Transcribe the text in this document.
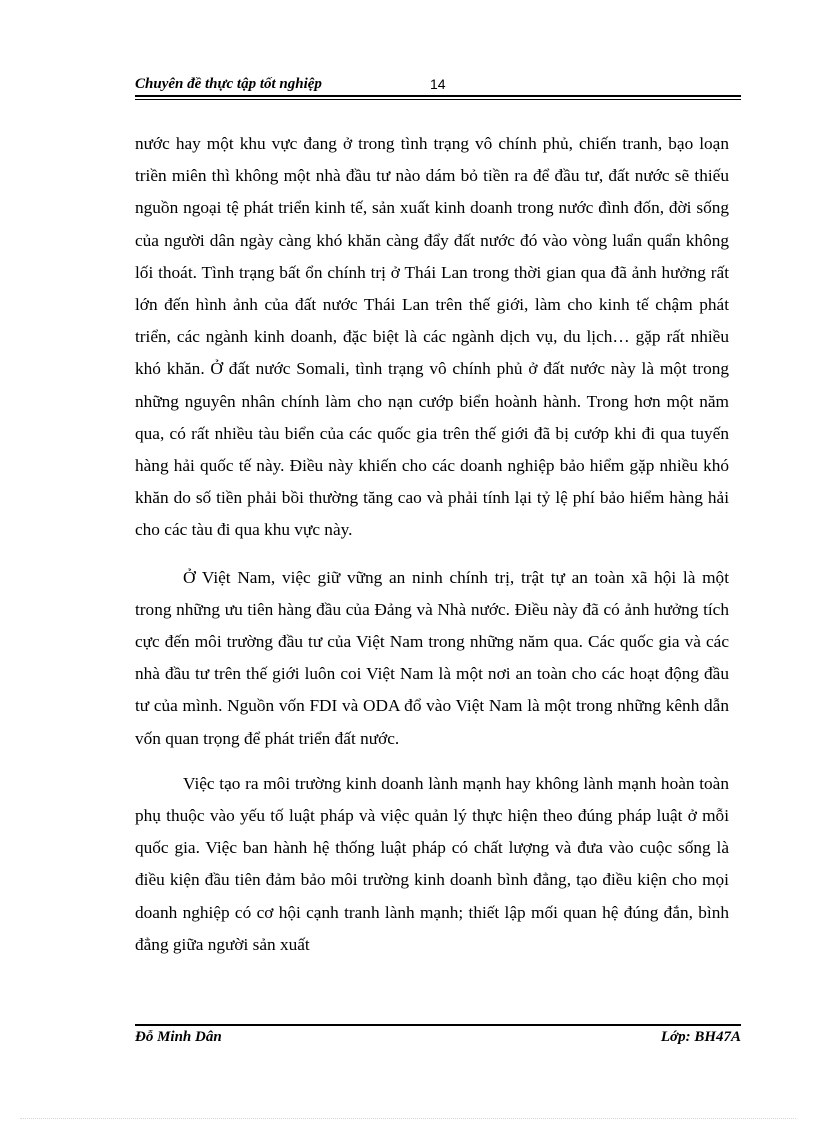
Chuyên đề thực tập tốt nghiệp	14

nước hay một khu vực đang ở trong tình trạng vô chính phủ, chiến tranh, bạo loạn triền miên thì không một nhà đầu tư nào dám bỏ tiền ra để đầu tư, đất nước sẽ thiếu nguồn ngoại tệ phát triển kinh tế, sản xuất kinh doanh trong nước đình đốn, đời sống của người dân ngày càng khó khăn càng đẩy đất nước đó vào vòng luẩn quẩn không lối thoát. Tình trạng bất ổn chính trị ở Thái Lan trong thời gian qua đã ảnh hưởng rất lớn đến hình ảnh của đất nước Thái Lan trên thế giới, làm cho kinh tế chậm phát triển, các ngành kinh doanh, đặc biệt là các ngành dịch vụ, du lịch… gặp rất nhiều khó khăn. Ở đất nước Somali, tình trạng vô chính phủ ở đất nước này là một trong những nguyên nhân chính làm cho nạn cướp biển hoành hành. Trong hơn một năm qua, có rất nhiều tàu biển của các quốc gia trên thế giới đã bị cướp khi đi qua tuyến hàng hải quốc tế này. Điều này khiến cho các doanh nghiệp bảo hiểm gặp nhiều khó khăn do số tiền phải bồi thường tăng cao và phải tính lại tỷ lệ phí bảo hiểm hàng hải cho các tàu đi qua khu vực này.

Ở Việt Nam, việc giữ vững an ninh chính trị, trật tự an toàn xã hội là một trong những ưu tiên hàng đầu của Đảng và Nhà nước. Điều này đã có ảnh hưởng tích cực đến môi trường đầu tư của Việt Nam trong những năm qua. Các quốc gia và các nhà đầu tư trên thế giới luôn coi Việt Nam là một nơi an toàn cho các hoạt động đầu tư của mình. Nguồn vốn FDI và ODA đổ vào Việt Nam là một trong những kênh dẫn vốn quan trọng để phát triển đất nước.

Việc tạo ra môi trường kinh doanh lành mạnh hay không lành mạnh hoàn toàn phụ thuộc vào yếu tố luật pháp và việc quản lý thực hiện theo đúng pháp luật ở mỗi quốc gia. Việc ban hành hệ thống luật pháp có chất lượng và đưa vào cuộc sống là điều kiện đầu tiên đảm bảo môi trường kinh doanh bình đẳng, tạo điều kiện cho mọi doanh nghiệp có cơ hội cạnh tranh lành mạnh; thiết lập mối quan hệ đúng đắn, bình đẳng giữa người sản xuất

Đỗ Minh Dân	Lớp: BH47A
